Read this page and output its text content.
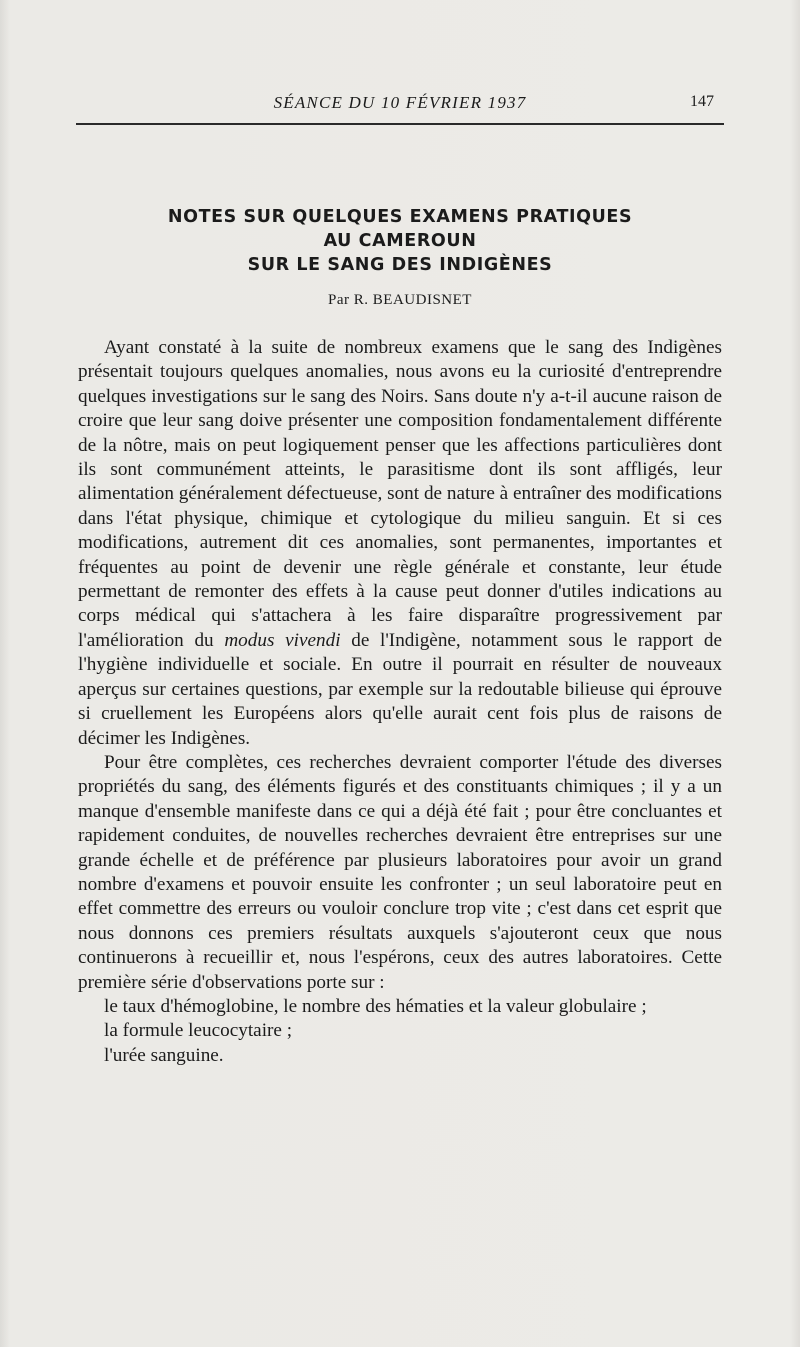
SÉANCE DU 10 FÉVRIER 1937	147
NOTES SUR QUELQUES EXAMENS PRATIQUES
AU CAMEROUN
SUR LE SANG DES INDIGÈNES
Par R. BEAUDISNET

Ayant constaté à la suite de nombreux examens que le sang des Indigènes présentait toujours quelques anomalies, nous avons eu la curiosité d'entreprendre quelques investigations sur le sang des Noirs. Sans doute n'y a-t-il aucune raison de croire que leur sang doive présenter une composition fondamentalement différente de la nôtre, mais on peut logiquement penser que les affections particulières dont ils sont communément atteints, le parasitisme dont ils sont affligés, leur alimentation généralement défectueuse, sont de nature à entraîner des modifications dans l'état physique, chimique et cytologique du milieu sanguin. Et si ces modifications, autrement dit ces anomalies, sont permanentes, importantes et fréquentes au point de devenir une règle générale et constante, leur étude permettant de remonter des effets à la cause peut donner d'utiles indications au corps médical qui s'attachera à les faire disparaître progressivement par l'amélioration du modus vivendi de l'Indigène, notamment sous le rapport de l'hygiène individuelle et sociale. En outre il pourrait en résulter de nouveaux aperçus sur certaines questions, par exemple sur la redoutable bilieuse qui éprouve si cruellement les Européens alors qu'elle aurait cent fois plus de raisons de décimer les Indigènes.

Pour être complètes, ces recherches devraient comporter l'étude des diverses propriétés du sang, des éléments figurés et des constituants chimiques ; il y a un manque d'ensemble manifeste dans ce qui a déjà été fait ; pour être concluantes et rapidement conduites, de nouvelles recherches devraient être entreprises sur une grande échelle et de préférence par plusieurs laboratoires pour avoir un grand nombre d'examens et pouvoir ensuite les confronter ; un seul laboratoire peut en effet commettre des erreurs ou vouloir conclure trop vite ; c'est dans cet esprit que nous donnons ces premiers résultats auxquels s'ajouteront ceux que nous continuerons à recueillir et, nous l'espérons, ceux des autres laboratoires. Cette première série d'observations porte sur :

le taux d'hémoglobine, le nombre des hématies et la valeur globulaire ;

la formule leucocytaire ;

l'urée sanguine.
